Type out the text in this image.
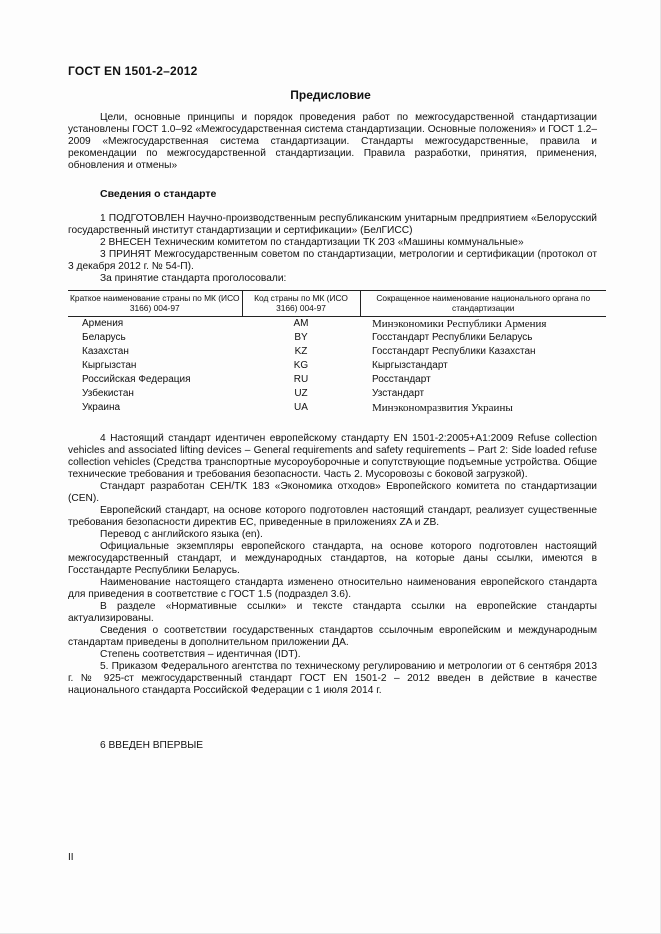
ГОСТ EN 1501-2–2012
Предисловие

Цели, основные принципы и порядок проведения работ по межгосударственной стандартизации установлены ГОСТ 1.0–92 «Межгосударственная система стандартизации. Основные положения» и ГОСТ 1.2–2009 «Межгосударственная система стандартизации. Стандарты межгосударственные, правила и рекомендации по межгосударственной стандартизации. Правила разработки, принятия, применения, обновления и отмены»

Сведения о стандарте

1 ПОДГОТОВЛЕН Научно-производственным республиканским унитарным предприятием «Белорусский государственный институт стандартизации и сертификации» (БелГИСС)

2 ВНЕСЕН Техническим комитетом по стандартизации ТК 203 «Машины коммунальные»

3 ПРИНЯТ Межгосударственным советом по стандартизации, метрологии и сертификации (протокол от 3 декабря 2012 г. № 54-П).

За принятие стандарта проголосовали:

Краткое наименование страны по МК (ИСО 3166) 004-97	Код страны по МК (ИСО 3166) 004-97	Сокращенное наименование национального органа по стандартизации
Армения	AM	Минэкономики Республики Армения
Беларусь	BY	Госстандарт Республики Беларусь
Казахстан	KZ	Госстандарт Республики Казахстан
Кыргызстан	KG	Кыргызстандарт
Российская Федерация	RU	Росстандарт
Узбекистан	UZ	Узстандарт
Украина	UA	Минэкономразвития Украины

4 Настоящий стандарт идентичен европейскому стандарту EN 1501-2:2005+A1:2009 Refuse collection vehicles and associated lifting devices – General requirements and safety requirements – Part 2: Side loaded refuse collection vehicles (Средства транспортные мусороуборочные и сопутствующие подъемные устройства. Общие технические требования и требования безопасности. Часть 2. Мусоровозы с боковой загрузкой).

Стандарт разработан CEH/TK 183 «Экономика отходов» Европейского комитета по стандартизации (CEN).

Европейский стандарт, на основе которого подготовлен настоящий стандарт, реализует существенные требования безопасности директив ЕС, приведенные в приложениях ZA и ZB.

Перевод с английского языка (en).

Официальные экземпляры европейского стандарта, на основе которого подготовлен настоящий межгосударственный стандарт, и международных стандартов, на которые даны ссылки, имеются в Госстандарте Республики Беларусь.

Наименование настоящего стандарта изменено относительно наименования европейского стандарта для приведения в соответствие с ГОСТ 1.5 (подраздел 3.6).

В разделе «Нормативные ссылки» и тексте стандарта ссылки на европейские стандарты актуализированы.

Сведения о соответствии государственных стандартов ссылочным европейским и международным стандартам приведены в дополнительном приложении ДА.

Степень соответствия – идентичная (IDT).

5. Приказом Федерального агентства по техническому регулированию и метрологии от 6 сентября 2013 г. № 925-ст межгосударственный стандарт ГОСТ EN 1501-2 – 2012 введен в действие в качестве национального стандарта Российской Федерации с 1 июля 2014 г.

6 ВВЕДЕН ВПЕРВЫЕ

II
